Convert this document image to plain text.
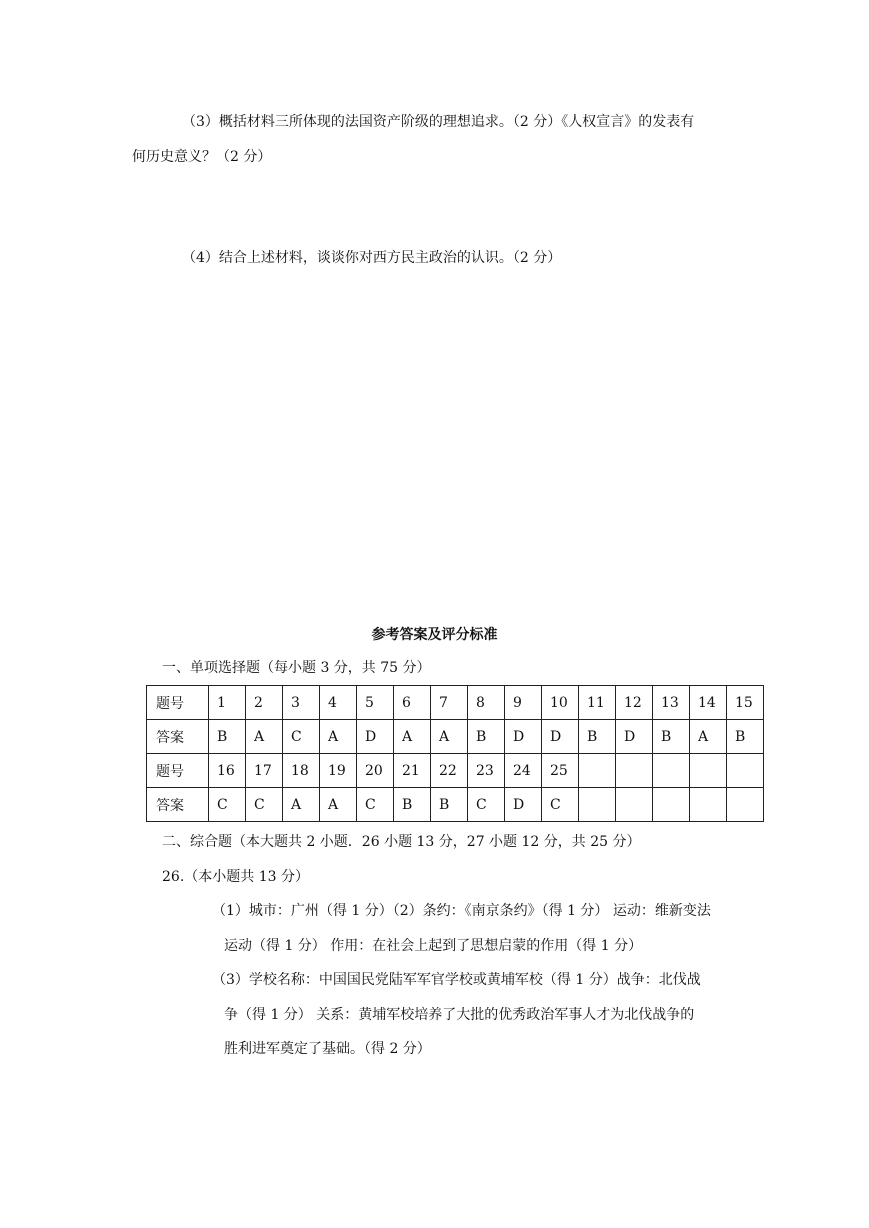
（3）概括材料三所体现的法国资产阶级的理想追求。（2 分）《人权宣言》的发表有
何历史意义？（2 分）
（4）结合上述材料，谈谈你对西方民主政治的认识。（2 分）
参考答案及评分标准
一、单项选择题（每小题 3 分，共 75 分）
题号	1	2	3	4	5	6	7	8	9	10	11	12	13	14	15
答案	B	A	C	A	D	A	A	B	D	D	B	D	B	A	B
题号	16	17	18	19	20	21	22	23	24	25					
答案	C	C	A	A	C	B	B	C	D	C					
二、综合题（本大题共 2 小题．26 小题 13 分，27 小题 12 分，共 25 分）
26.（本小题共 13 分）
（1）城市：广州（得 1 分）（2）条约：《南京条约》（得 1 分） 运动：维新变法
运动（得 1 分） 作用：在社会上起到了思想启蒙的作用（得 1 分）
（3）学校名称：中国国民党陆军军官学校或黄埔军校（得 1 分）战争：北伐战
争（得 1 分） 关系：黄埔军校培养了大批的优秀政治军事人才为北伐战争的
胜利进军奠定了基础。（得 2 分）
